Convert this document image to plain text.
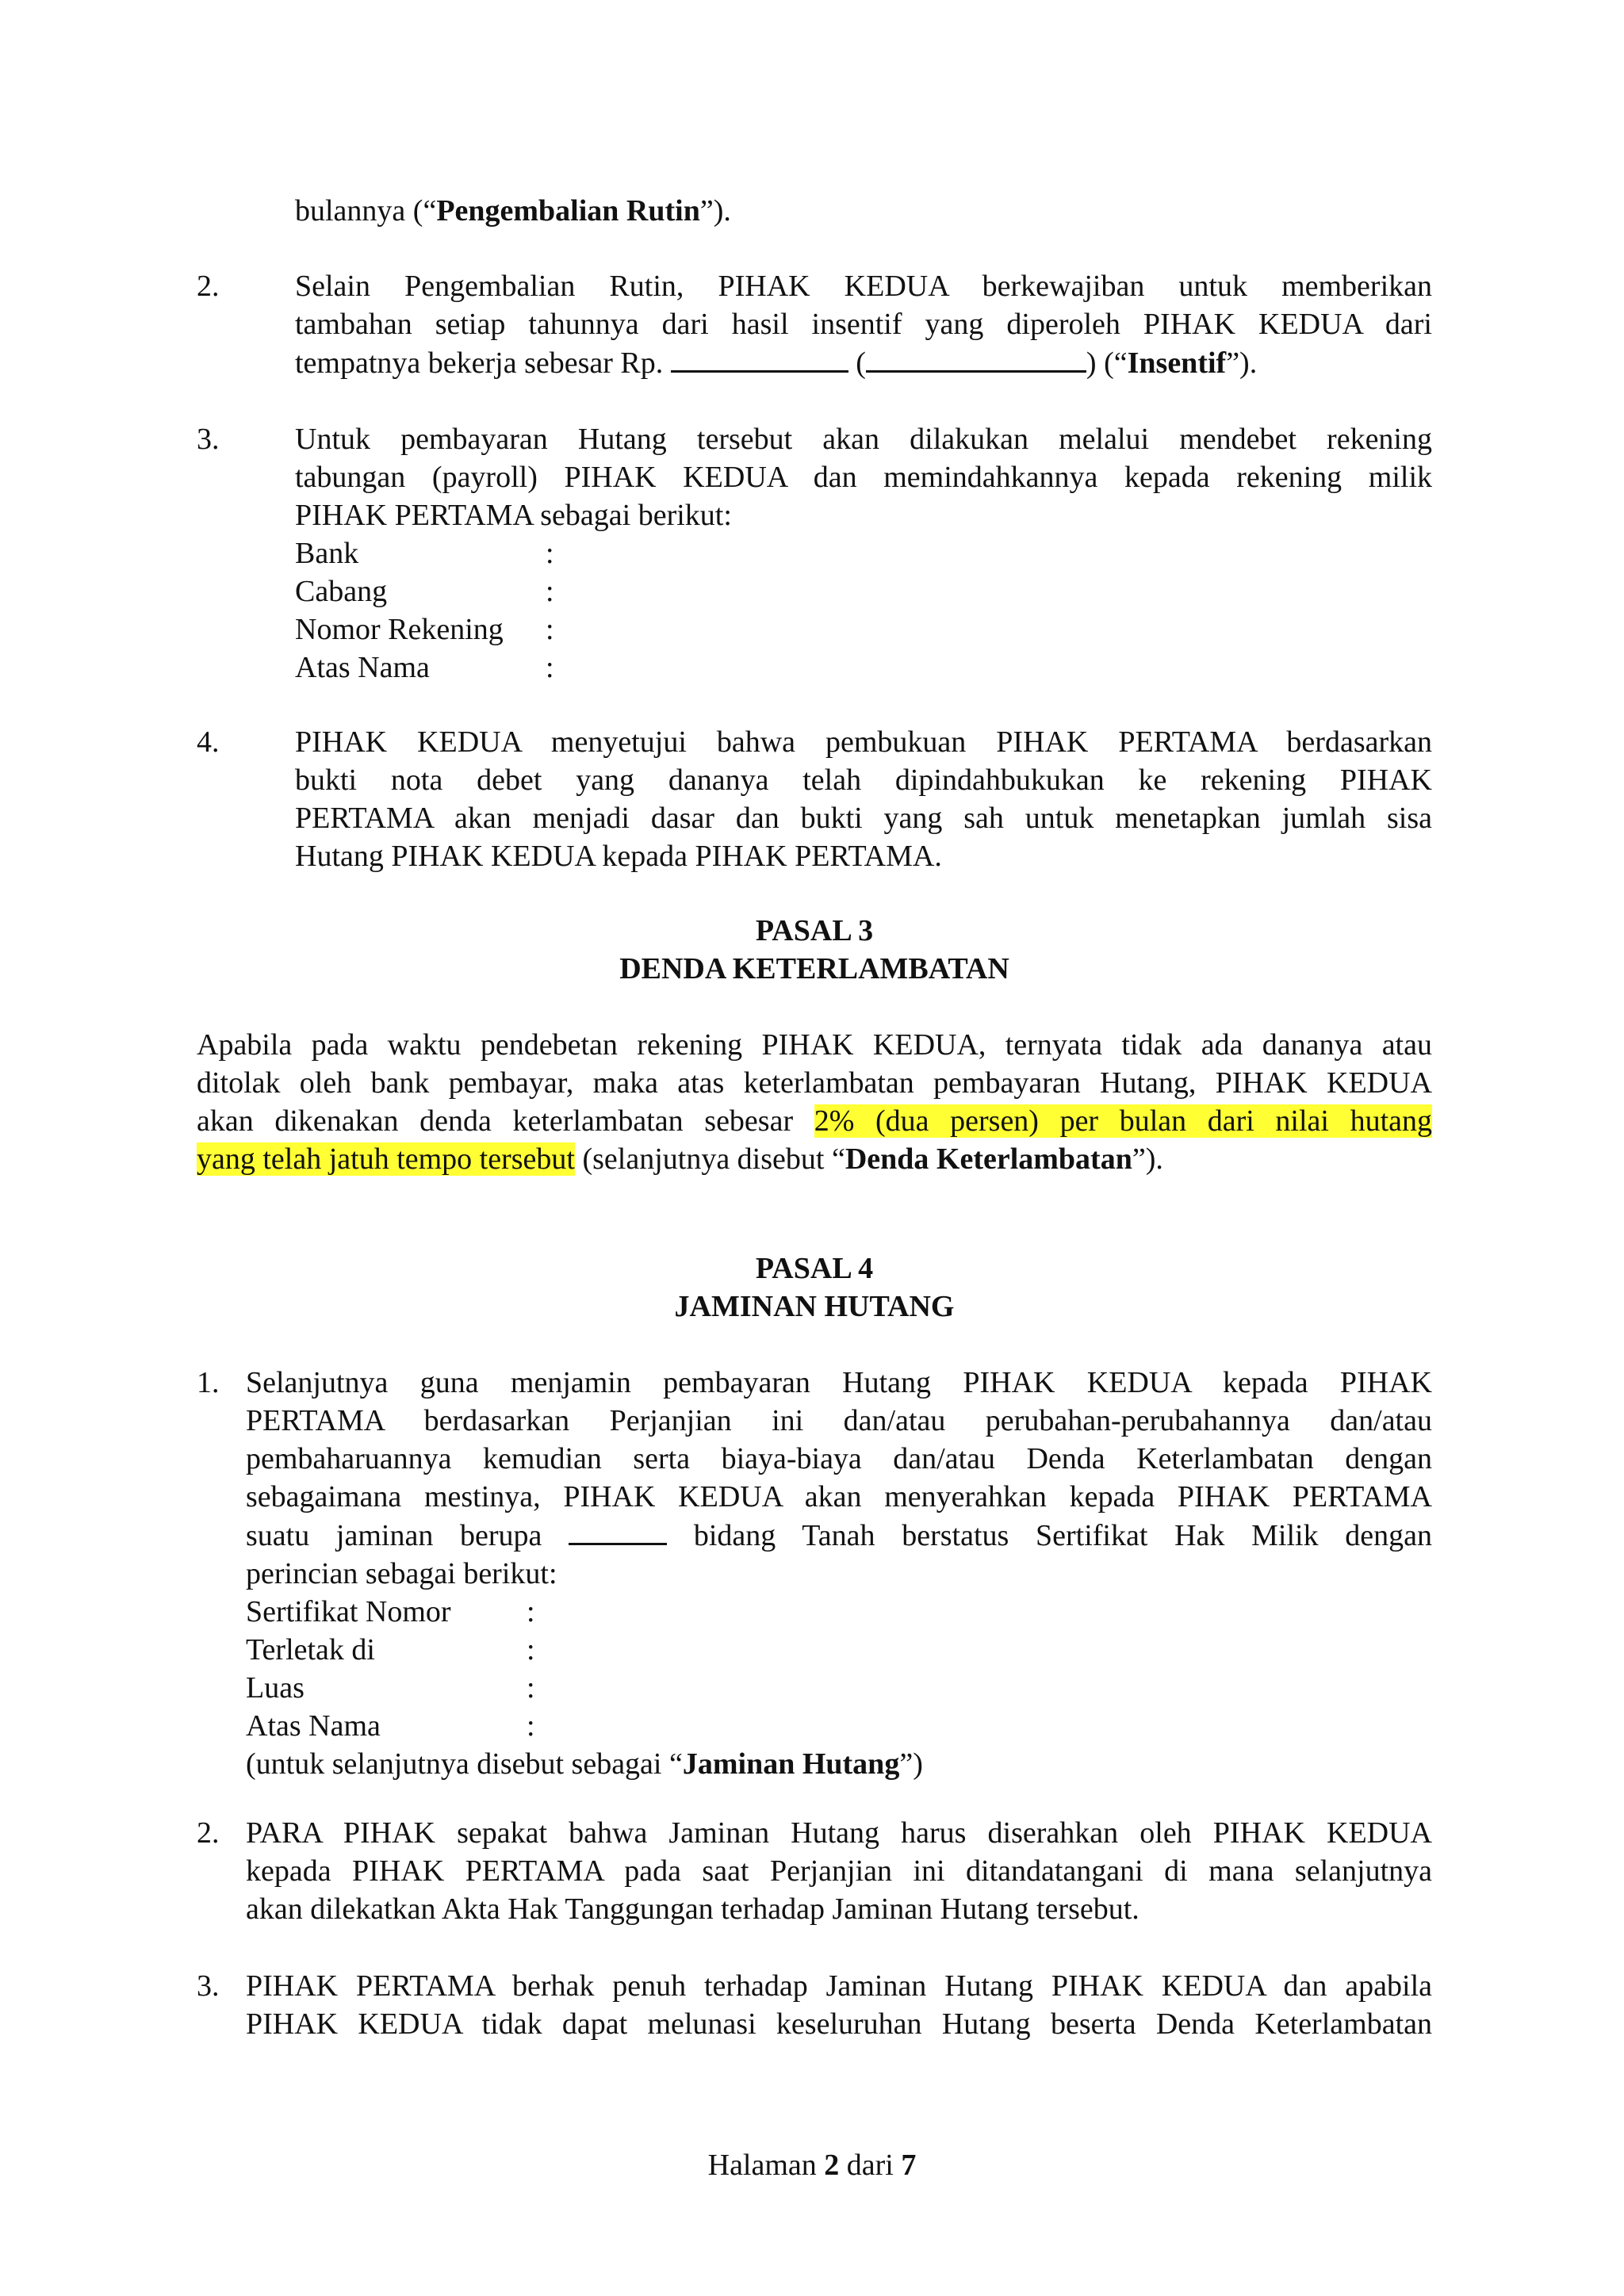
bulannya (“Pengembalian Rutin”).
2.	Selain Pengembalian Rutin, PIHAK KEDUA berkewajiban untuk memberikan
tambahan setiap tahunnya dari hasil insentif yang diperoleh PIHAK KEDUA dari
tempatnya bekerja sebesar Rp.	(	) (“Insentif”).
3.	Untuk pembayaran Hutang tersebut akan dilakukan melalui mendebet rekening
tabungan (payroll) PIHAK KEDUA dan memindahkannya kepada rekening milik
PIHAK PERTAMA sebagai berikut:
Bank	:
Cabang	:
Nomor Rekening	:
Atas Nama	:
4.	PIHAK KEDUA menyetujui bahwa pembukuan PIHAK PERTAMA berdasarkan
bukti nota debet yang dananya telah dipindahbukukan ke rekening PIHAK
PERTAMA akan menjadi dasar dan bukti yang sah untuk menetapkan jumlah sisa
Hutang PIHAK KEDUA kepada PIHAK PERTAMA.
PASAL 3
DENDA KETERLAMBATAN
Apabila pada waktu pendebetan rekening PIHAK KEDUA, ternyata tidak ada dananya atau
ditolak oleh bank pembayar, maka atas keterlambatan pembayaran Hutang, PIHAK KEDUA
akan dikenakan denda keterlambatan sebesar 2% (dua persen) per bulan dari nilai hutang
yang telah jatuh tempo tersebut (selanjutnya disebut “Denda Keterlambatan”).
PASAL 4
JAMINAN HUTANG
1. Selanjutnya guna menjamin pembayaran Hutang PIHAK KEDUA kepada PIHAK
PERTAMA berdasarkan Perjanjian ini dan/atau perubahan-perubahannya dan/atau
pembaharuannya kemudian serta biaya-biaya dan/atau Denda Keterlambatan dengan
sebagaimana mestinya, PIHAK KEDUA akan menyerahkan kepada PIHAK PERTAMA
suatu jaminan berupa	bidang Tanah berstatus Sertifikat Hak Milik dengan
perincian sebagai berikut:
Sertifikat Nomor	:
Terletak di	:
Luas	:
Atas Nama	:
(untuk selanjutnya disebut sebagai “Jaminan Hutang”)
2. PARA PIHAK sepakat bahwa Jaminan Hutang harus diserahkan oleh PIHAK KEDUA
kepada PIHAK PERTAMA pada saat Perjanjian ini ditandatangani di mana selanjutnya
akan dilekatkan Akta Hak Tanggungan terhadap Jaminan Hutang tersebut.
3. PIHAK PERTAMA berhak penuh terhadap Jaminan Hutang PIHAK KEDUA dan apabila
PIHAK KEDUA tidak dapat melunasi keseluruhan Hutang beserta Denda Keterlambatan
Halaman 2 dari 7
